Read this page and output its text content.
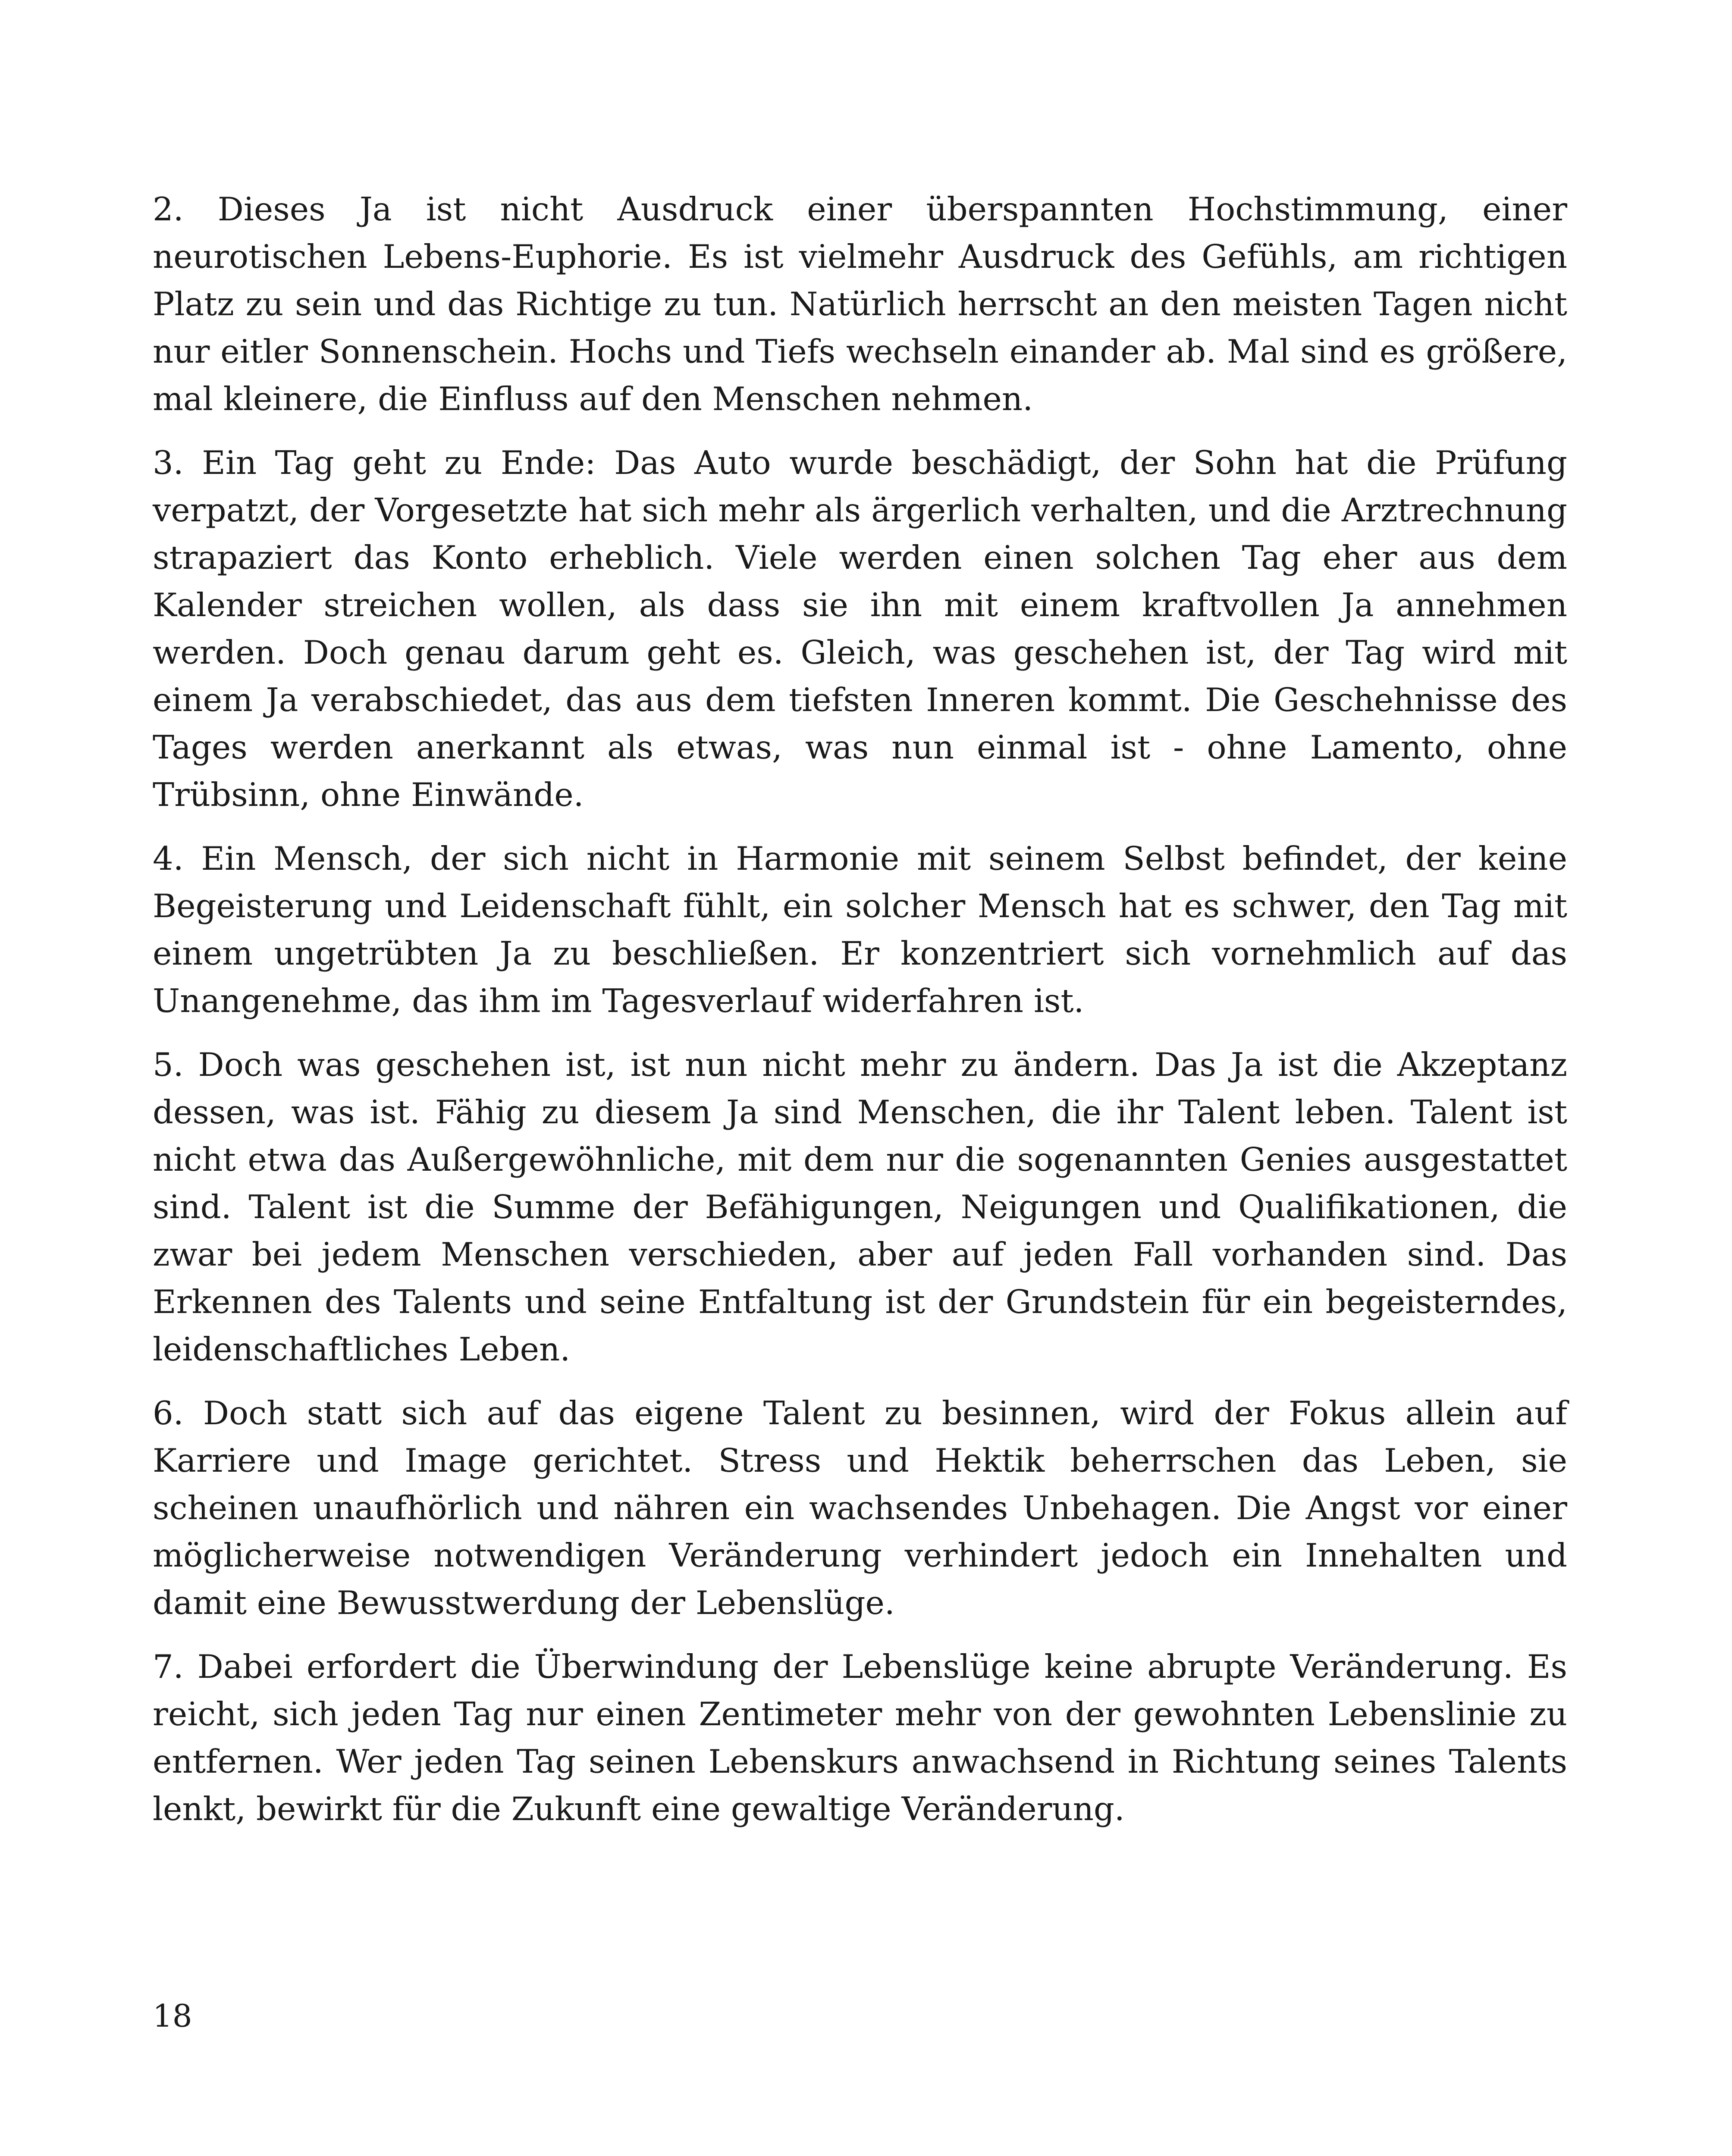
2. Dieses Ja ist nicht Ausdruck einer überspannten Hochstimmung, einer neurotischen Lebens-Euphorie. Es ist vielmehr Ausdruck des Gefühls, am richtigen Platz zu sein und das Richtige zu tun. Natürlich herrscht an den meisten Tagen nicht nur eitler Sonnenschein. Hochs und Tiefs wechseln einander ab. Mal sind es größere, mal kleinere, die Einfluss auf den Menschen nehmen.

3. Ein Tag geht zu Ende: Das Auto wurde beschädigt, der Sohn hat die Prüfung verpatzt, der Vorgesetzte hat sich mehr als ärgerlich verhalten, und die Arztrechnung strapaziert das Konto erheblich. Viele werden einen solchen Tag eher aus dem Kalender streichen wollen, als dass sie ihn mit einem kraftvollen Ja annehmen werden. Doch genau darum geht es. Gleich, was geschehen ist, der Tag wird mit einem Ja verabschiedet, das aus dem tiefsten Inneren kommt. Die Geschehnisse des Tages werden anerkannt als etwas, was nun einmal ist - ohne Lamento, ohne Trübsinn, ohne Einwände.

4. Ein Mensch, der sich nicht in Harmonie mit seinem Selbst befindet, der keine Begeisterung und Leidenschaft fühlt, ein solcher Mensch hat es schwer, den Tag mit einem ungetrübten Ja zu beschließen. Er konzentriert sich vornehmlich auf das Unangenehme, das ihm im Tagesverlauf widerfahren ist.

5. Doch was geschehen ist, ist nun nicht mehr zu ändern. Das Ja ist die Akzeptanz dessen, was ist. Fähig zu diesem Ja sind Menschen, die ihr Talent leben. Talent ist nicht etwa das Außergewöhnliche, mit dem nur die sogenannten Genies ausgestattet sind. Talent ist die Summe der Befähigungen, Neigungen und Qualifikationen, die zwar bei jedem Menschen verschieden, aber auf jeden Fall vorhanden sind. Das Erkennen des Talents und seine Entfaltung ist der Grundstein für ein begeisterndes, leidenschaftliches Leben.

6. Doch statt sich auf das eigene Talent zu besinnen, wird der Fokus allein auf Karriere und Image gerichtet. Stress und Hektik beherrschen das Leben, sie scheinen unaufhörlich und nähren ein wachsendes Unbehagen. Die Angst vor einer möglicherweise notwendigen Veränderung verhindert jedoch ein Innehalten und damit eine Bewusstwerdung der Lebenslüge.

7. Dabei erfordert die Überwindung der Lebenslüge keine abrupte Veränderung. Es reicht, sich jeden Tag nur einen Zentimeter mehr von der gewohnten Lebenslinie zu entfernen. Wer jeden Tag seinen Lebenskurs anwachsend in Richtung seines Talents lenkt, bewirkt für die Zukunft eine gewaltige Veränderung.

18
